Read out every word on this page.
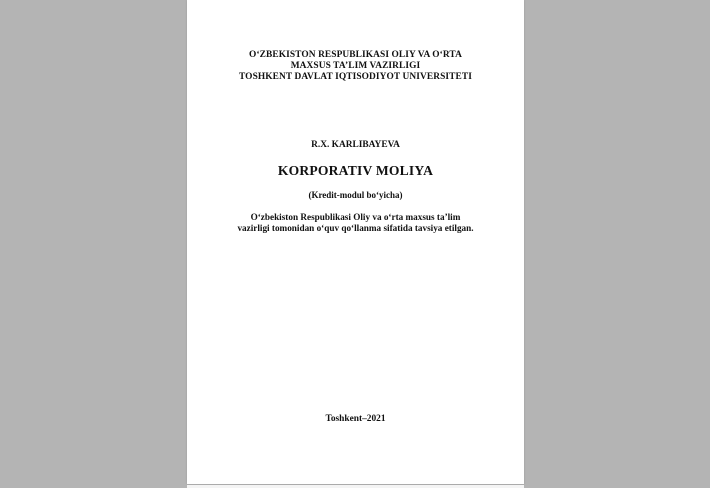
O‘ZBEKISTON RESPUBLIKASI OLIY VA O‘RTA
MAXSUS TA’LIM VAZIRLIGI
TOSHKENT DAVLAT IQTISODIYOT UNIVERSITETI
R.X. KARLIBAYEVA
KORPORATIV MOLIYA
(Kredit-modul bo‘yicha)
O‘zbekiston Respublikasi Oliy va o‘rta maxsus ta’lim
vazirligi tomonidan o‘quv qo‘llanma sifatida tavsiya etilgan.
Toshkent–2021
